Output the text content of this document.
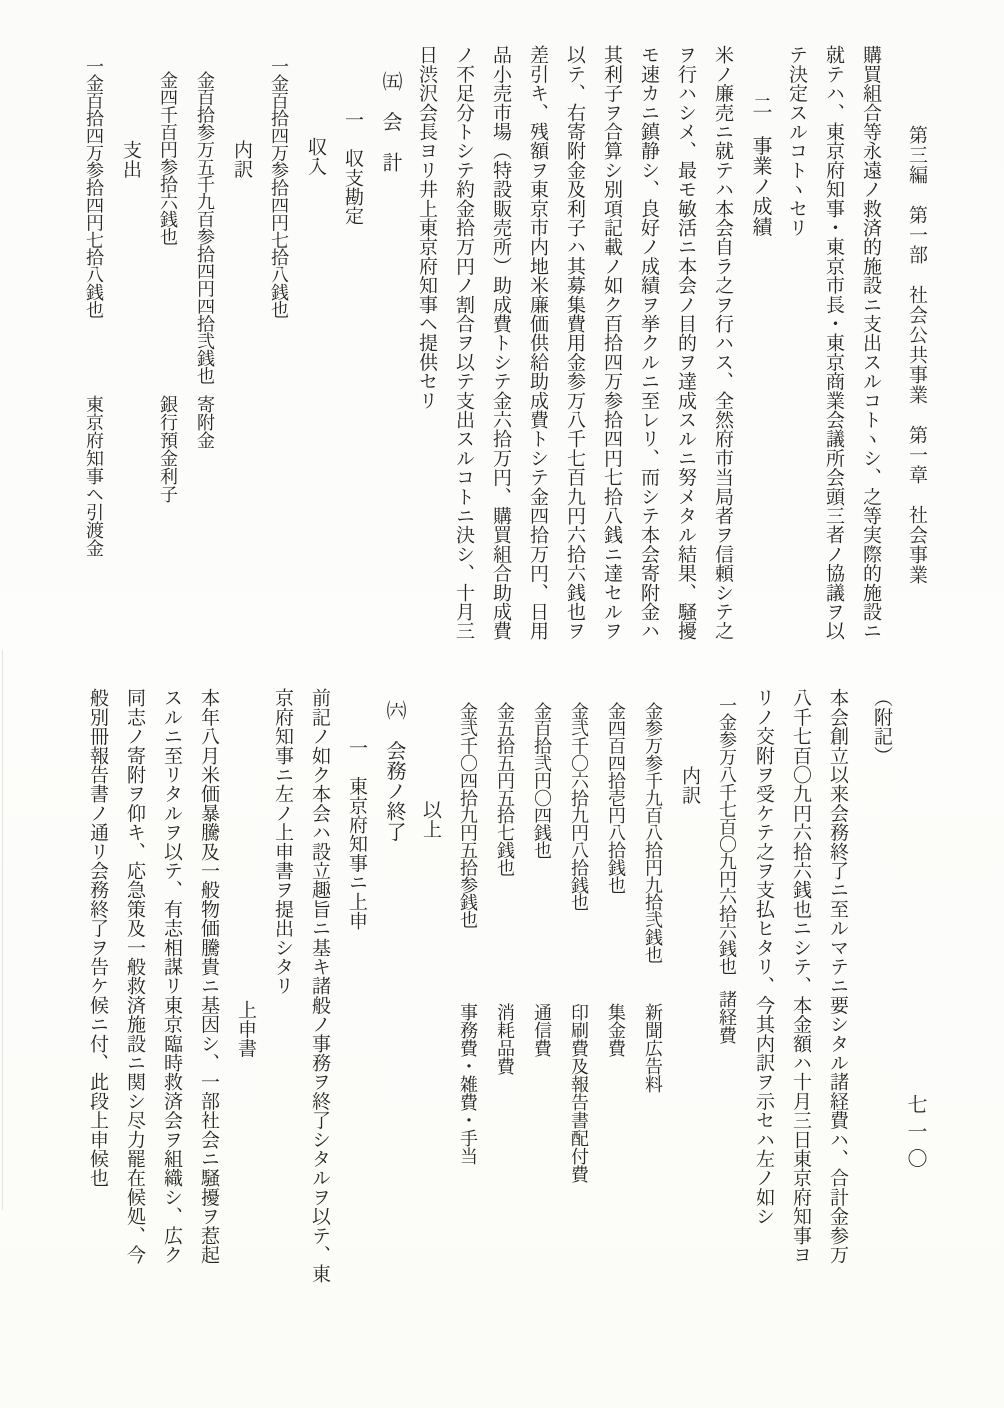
第三編　第一部　社会公共事業　第一章　社会事業
購買組合等永遠ノ救済的施設ニ支出スルコトヽシ、之等実際的施設ニ
就テハ、東京府知事・東京市長・東京商業会議所会頭三者ノ協議ヲ以
テ決定スルコトヽセリ
二　事業ノ成績
米ノ廉売ニ就テハ本会自ラ之ヲ行ハス、全然府市当局者ヲ信頼シテ之
ヲ行ハシメ、最モ敏活ニ本会ノ目的ヲ達成スルニ努メタル結果、騒擾
モ速カニ鎮静シ、良好ノ成績ヲ挙クルニ至レリ、而シテ本会寄附金ハ
其利子ヲ合算シ別項記載ノ如ク百拾四万参拾四円七拾八銭ニ達セルヲ
以テ、右寄附金及利子ハ其募集費用金参万八千七百九円六拾六銭也ヲ
差引キ、残額ヲ東京市内地米廉価供給助成費トシテ金四拾万円、日用
品小売市場（特設販売所）助成費トシテ金六拾万円、購買組合助成費
ノ不足分トシテ約金拾万円ノ割合ヲ以テ支出スルコトニ決シ、十月三
日渋沢会長ヨリ井上東京府知事ヘ提供セリ
㈤　会　計
一　収支勘定
収入
一金百拾四万参拾四円七拾八銭也
内訳
金百拾参万五千九百参拾四円四拾弐銭也
寄附金
金四千百円参拾六銭也
銀行預金利子
支出
一金百拾四万参拾四円七拾八銭也
東京府知事ヘ引渡金
（附記）
本会創立以来会務終了ニ至ルマテニ要シタル諸経費ハ、合計金参万
八千七百〇九円六拾六銭也ニシテ、本金額ハ十月三日東京府知事ヨ
リノ交附ヲ受ケテ之ヲ支払ヒタリ、今其内訳ヲ示セハ左ノ如シ
一金参万八千七百〇九円六拾六銭也
諸経費
内訳
金参万参千九百八拾円九拾弐銭也
新聞広告料
金四百四拾壱円八拾銭也
集金費
金弐千〇六拾九円八拾銭也
印刷費及報告書配付費
金百拾弐円〇四銭也
通信費
金五拾五円五拾七銭也
消耗品費
金弐千〇四拾九円五拾参銭也
事務費・雑費・手当
以上
㈥　会務ノ終了
一　東京府知事ニ上申
前記ノ如ク本会ハ設立趣旨ニ基キ諸般ノ事務ヲ終了シタルヲ以テ、東
京府知事ニ左ノ上申書ヲ提出シタリ
上申書
本年八月米価暴騰及一般物価騰貴ニ基因シ、一部社会ニ騒擾ヲ惹起
スルニ至リタルヲ以テ、有志相謀リ東京臨時救済会ヲ組織シ、広ク
同志ノ寄附ヲ仰キ、応急策及一般救済施設ニ関シ尽力罷在候処、今
般別冊報告書ノ通リ会務終了ヲ告ケ候ニ付、此段上申候也	七一〇
